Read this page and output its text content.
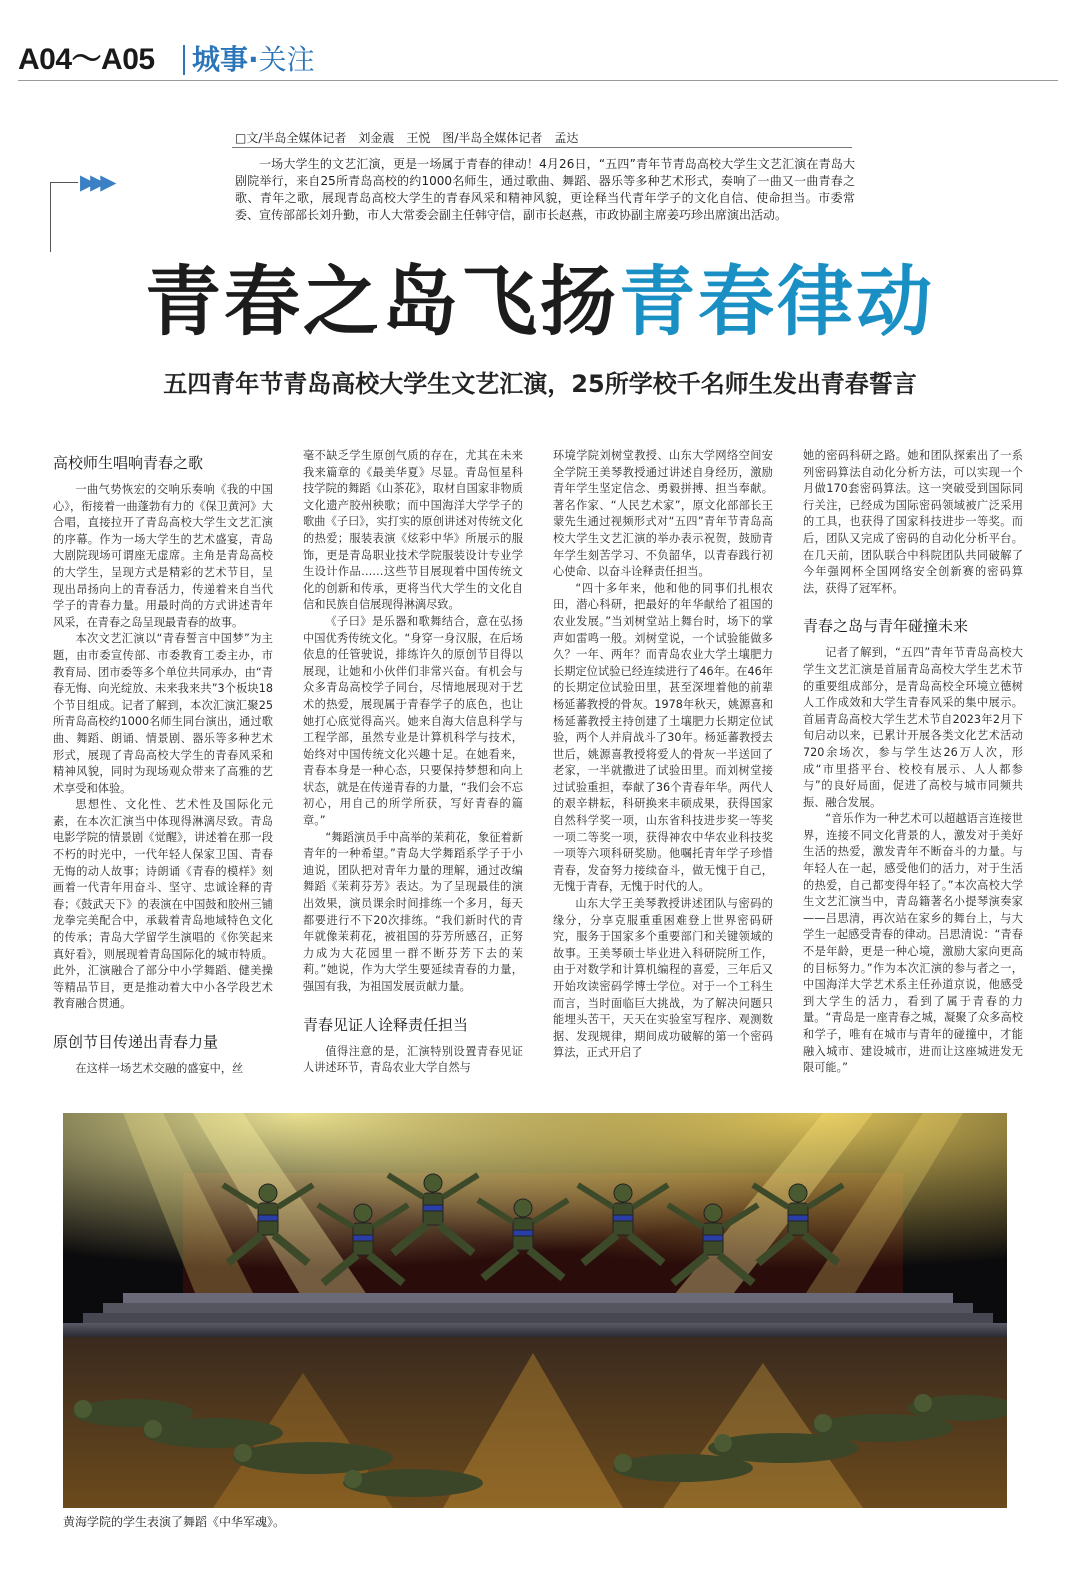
A04～A05 城事·关注
□文/半岛全媒体记者　刘金震　王悦　图/半岛全媒体记者　孟达
▶▶▶
一场大学生的文艺汇演，更是一场属于青春的律动！4月26日，“五四”青年节青岛高校大学生文艺汇演在青岛大剧院举行，来自25所青岛高校的约1000名师生，通过歌曲、舞蹈、器乐等多种艺术形式，奏响了一曲又一曲青春之歌、青年之歌，展现青岛高校大学生的青春风采和精神风貌，更诠释当代青年学子的文化自信、使命担当。市委常委、宣传部部长刘升勤，市人大常委会副主任韩守信，副市长赵燕，市政协副主席姜巧珍出席演出活动。
青春之岛飞扬青春律动
五四青年节青岛高校大学生文艺汇演，25所学校千名师生发出青春誓言
高校师生唱响青春之歌

一曲气势恢宏的交响乐奏响《我的中国心》，衔接着一曲蓬勃有力的《保卫黄河》大合唱，直接拉开了青岛高校大学生文艺汇演的序幕。作为一场大学生的艺术盛宴，青岛大剧院现场可谓座无虚席。主角是青岛高校的大学生，呈现方式是精彩的艺术节目，呈现出昂扬向上的青春活力，传递着来自当代学子的青春力量。用最时尚的方式讲述青年风采，在青春之岛呈现最青春的故事。

本次文艺汇演以“青春誓言中国梦”为主题，由市委宣传部、市委教育工委主办，市教育局、团市委等多个单位共同承办，由“青春无悔、向光绽放、未来我来共”3个板块18个节目组成。记者了解到，本次汇演汇聚25所青岛高校约1000名师生同台演出，通过歌曲、舞蹈、朗诵、情景剧、器乐等多种艺术形式，展现了青岛高校大学生的青春风采和精神风貌，同时为现场观众带来了高雅的艺术享受和体验。

思想性、文化性、艺术性及国际化元素，在本次汇演当中体现得淋漓尽致。青岛电影学院的情景剧《觉醒》，讲述着在那一段不朽的时光中，一代年轻人保家卫国、青春无悔的动人故事；诗朗诵《青春的模样》刻画着一代青年用奋斗、坚守、忠诚诠释的青春；《鼓武天下》的表演在中国鼓和胶州三铺龙拳完美配合中，承载着青岛地域特色文化的传承；青岛大学留学生演唱的《你笑起来真好看》，则展现着青岛国际化的城市特质。此外，汇演融合了部分中小学舞蹈、健美操等精品节目，更是推动着大中小各学段艺术教育融合贯通。

原创节目传递出青春力量

在这样一场艺术交融的盛宴中，丝

毫不缺乏学生原创气质的存在，尤其在未来我来篇章的《最美华夏》尽显。青岛恒星科技学院的舞蹈《山茶花》，取材自国家非物质文化遗产胶州秧歌；而中国海洋大学学子的歌曲《子曰》，实打实的原创讲述对传统文化的热爱；服装表演《炫彩中华》所展示的服饰，更是青岛职业技术学院服装设计专业学生设计作品……这些节目展现着中国传统文化的创新和传承，更将当代大学生的文化自信和民族自信展现得淋漓尽致。

《子曰》是乐器和歌舞结合，意在弘扬中国优秀传统文化。“身穿一身汉服，在后场依息的任管驶说，排练许久的原创节目得以展现，让她和小伙伴们非常兴奋。有机会与众多青岛高校学子同台，尽情地展现对于艺术的热爱，展现属于青春学子的底色，也让她打心底觉得高兴。她来自海大信息科学与工程学部，虽然专业是计算机科学与技术，始终对中国传统文化兴趣十足。在她看来，青春本身是一种心态，只要保持梦想和向上状态，就是在传递青春的力量，“我们会不忘初心，用自己的所学所获，写好青春的篇章。”

“舞蹈演员手中高举的茉莉花，象征着新青年的一种希望。”青岛大学舞蹈系学子于小迪说，团队把对青年力量的理解，通过改编舞蹈《茉莉芬芳》表达。为了呈现最佳的演出效果，演员课余时间排练一个多月，每天都要进行不下20次排练。“我们新时代的青年就像茉莉花，被祖国的芬芳所感召，正努力成为大花园里一群不断芬芳下去的茉莉。”她说，作为大学生要延续青春的力量，强国有我，为祖国发展贡献力量。

青春见证人诠释责任担当

值得注意的是，汇演特别设置青春见证人讲述环节，青岛农业大学自然与

环境学院刘树堂教授、山东大学网络空间安全学院王美琴教授通过讲述自身经历，激励青年学生坚定信念、勇毅拼搏、担当奉献。著名作家、“人民艺术家”，原文化部部长王蒙先生通过视频形式对“五四”青年节青岛高校大学生文艺汇演的举办表示祝贺，鼓励青年学生刻苦学习、不负韶华，以青春践行初心使命、以奋斗诠释责任担当。

“四十多年来，他和他的同事们扎根农田，潜心科研，把最好的年华献给了祖国的农业发展。”当刘树堂站上舞台时，场下的掌声如雷鸣一般。刘树堂说，一个试验能做多久？一年、两年？而青岛农业大学土壤肥力长期定位试验已经连续进行了46年。在46年的长期定位试验田里，甚至深埋着他的前辈杨延蕃教授的骨灰。1978年秋天，姚源喜和杨延蕃教授主持创建了土壤肥力长期定位试验，两个人并肩战斗了30年。杨延蕃教授去世后，姚源喜教授将爱人的骨灰一半送回了老家，一半就撒进了试验田里。而刘树堂接过试验重担，奉献了36个青春年华。两代人的艰辛耕耘，科研换来丰硕成果，获得国家自然科学奖一项，山东省科技进步奖一等奖一项二等奖一项，获得神农中华农业科技奖一项等六项科研奖励。他嘱托青年学子珍惜青春，发奋努力接续奋斗，做无愧于自己，无愧于青春，无愧于时代的人。

山东大学王美琴教授讲述团队与密码的缘分，分享克服重重困难登上世界密码研究，服务于国家多个重要部门和关键领域的故事。王美琴硕士毕业进入科研院所工作，由于对数学和计算机编程的喜爱，三年后又开始攻读密码学博士学位。对于一个工科生而言，当时面临巨大挑战，为了解决问题只能埋头苦干，天天在实验室写程序、观测数据、发现规律，期间成功破解的第一个密码算法，正式开启了

她的密码科研之路。她和团队探索出了一系列密码算法自动化分析方法，可以实现一个月做170套密码算法。这一突破受到国际同行关注，已经成为国际密码领域被广泛采用的工具，也获得了国家科技进步一等奖。而后，团队又完成了密码的自动化分析平台。在几天前，团队联合中科院团队共同破解了今年强网杯全国网络安全创新赛的密码算法，获得了冠军杯。

青春之岛与青年碰撞未来

记者了解到，“五四”青年节青岛高校大学生文艺汇演是首届青岛高校大学生艺术节的重要组成部分，是青岛高校全环境立德树人工作成效和大学生青春风采的集中展示。首届青岛高校大学生艺术节自2023年2月下旬启动以来，已累计开展各类文化艺术活动720余场次，参与学生达26万人次，形成“市里搭平台、校校有展示、人人都参与”的良好局面，促进了高校与城市同频共振、融合发展。

“音乐作为一种艺术可以超越语言连接世界，连接不同文化背景的人，激发对于美好生活的热爱，激发青年不断奋斗的力量。与年轻人在一起，感受他们的活力，对于生活的热爱，自己都变得年轻了。”本次高校大学生文艺汇演当中，青岛籍著名小提琴演奏家——吕思清，再次站在家乡的舞台上，与大学生一起感受青春的律动。吕思清说：“青春不是年龄，更是一种心境，激励大家向更高的目标努力。”作为本次汇演的参与者之一，中国海洋大学艺术系主任孙道京说，他感受到大学生的活力，看到了属于青春的力量。“青岛是一座青春之城，凝聚了众多高校和学子，唯有在城市与青年的碰撞中，才能融入城市、建设城市，进而让这座城进发无限可能。”

黄海学院的学生表演了舞蹈《中华军魂》。
